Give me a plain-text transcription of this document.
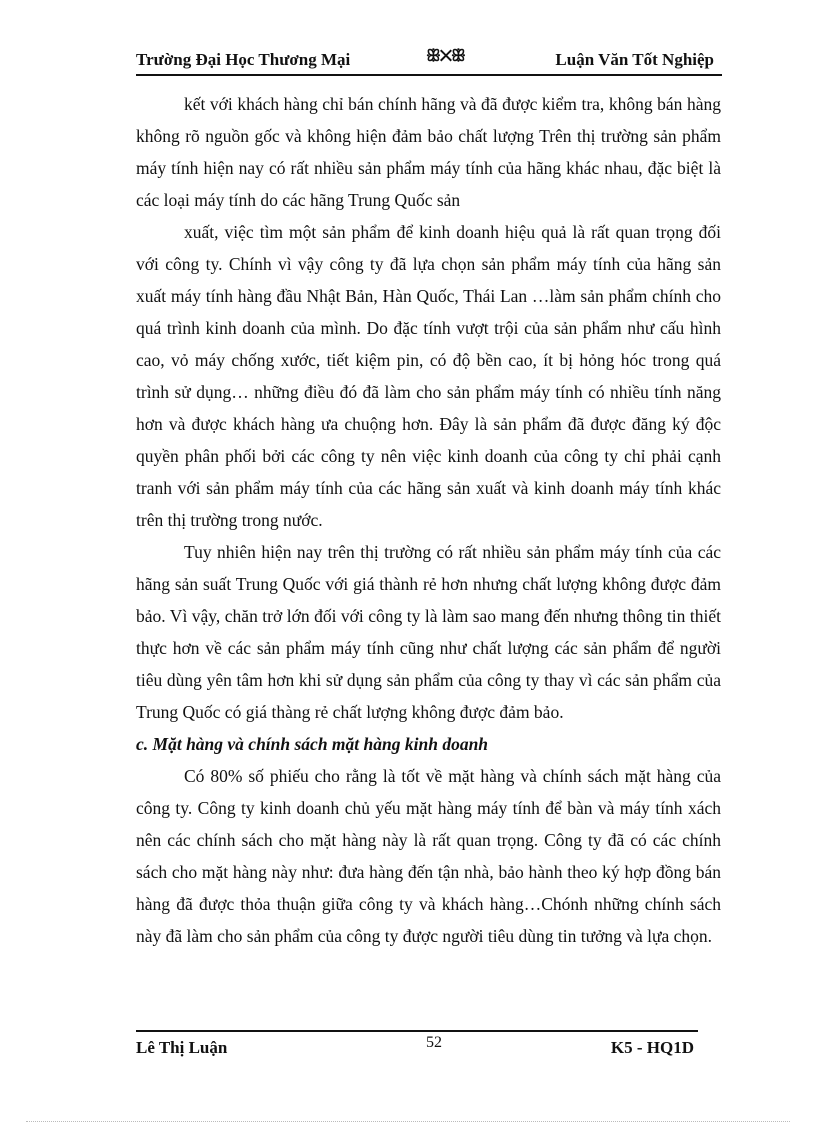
Trường Đại Học Thương Mại	ꕥ✕ꕥ	Luận Văn Tốt Nghiệp

kết với khách hàng chỉ bán chính hãng và đã được kiểm tra, không bán hàng không rõ nguồn gốc và không hiện đảm bảo chất lượng Trên thị trường sản phẩm máy tính hiện nay có rất nhiều sản phẩm máy tính của hãng khác nhau, đặc biệt là các loại máy tính do các hãng Trung Quốc sản

xuất, việc tìm một sản phẩm để kinh doanh hiệu quả là rất quan trọng đối với công ty. Chính vì vậy công ty đã lựa chọn sản phẩm máy tính của hãng sản xuất máy tính hàng đầu Nhật Bản, Hàn Quốc, Thái Lan …làm sản phẩm chính cho quá trình kinh doanh của mình. Do đặc tính vượt trội của sản phẩm như cấu hình cao, vỏ máy chống xước, tiết kiệm pin, có độ bền cao, ít bị hỏng hóc trong quá trình sử dụng… những điều đó đã làm cho sản phẩm máy tính có nhiều tính năng hơn và được khách hàng ưa chuộng hơn. Đây là sản phẩm đã được đăng ký độc quyền phân phối bởi các công ty nên việc kinh doanh của công ty chỉ phải cạnh tranh với sản phẩm máy tính của các hãng sản xuất và kinh doanh máy tính khác trên thị trường trong nước.

Tuy nhiên hiện nay trên thị trường có rất nhiều sản phẩm máy tính của các hãng sản suất Trung Quốc với giá thành rẻ hơn nhưng chất lượng không được đảm bảo. Vì vậy, chăn trở lớn đối với công ty là làm sao mang đến nhưng thông tin thiết thực hơn về các sản phẩm máy tính cũng như chất lượng các sản phẩm để người tiêu dùng yên tâm hơn khi sử dụng sản phẩm của công ty thay vì các sản phẩm của Trung Quốc có giá thàng rẻ chất lượng không được đảm bảo.

c. Mặt hàng và chính sách mặt hàng kinh doanh

Có 80% số phiếu cho rằng là tốt về mặt hàng và chính sách mặt hàng của công ty. Công ty kinh doanh chủ yếu mặt hàng máy tính để bàn và máy tính xách nên các chính sách cho mặt hàng này là rất quan trọng. Công ty đã có các chính sách cho mặt hàng này như: đưa hàng đến tận nhà, bảo hành theo ký hợp đồng bán hàng đã được thỏa thuận giữa công ty và khách hàng…Chónh những chính sách này đã làm cho sản phẩm của công ty được người tiêu dùng tin tưởng và lựa chọn.

Lê Thị Luận	52	K5 - HQ1D
